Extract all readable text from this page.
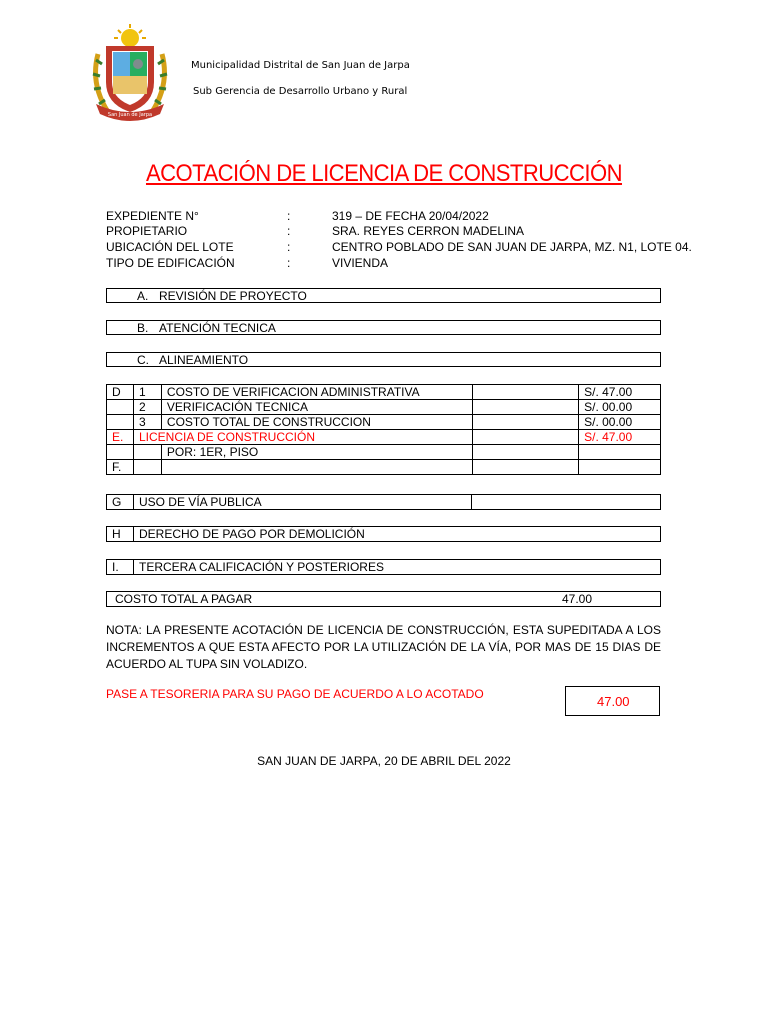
San Juan de Jarpa
Municipalidad Distrital de San Juan de Jarpa
Sub Gerencia de Desarrollo Urbano y Rural
ACOTACIÓN DE LICENCIA DE CONSTRUCCIÓN
EXPEDIENTE N°	:	319 – DE FECHA 20/04/2022
PROPIETARIO	:	SRA. REYES CERRON MADELINA
UBICACIÓN DEL LOTE	:	CENTRO POBLADO DE SAN JUAN DE JARPA, MZ. N1, LOTE 04.
TIPO DE EDIFICACIÓN	:	VIVIENDA
A. REVISIÓN DE PROYECTO
B. ATENCIÓN TECNICA
C. ALINEAMIENTO
D	1	COSTO DE VERIFICACION ADMINISTRATIVA		S/. 47.00
	2	VERIFICACIÓN TECNICA		S/. 00.00
	3	COSTO TOTAL DE CONSTRUCCION		S/. 00.00
E.	LICENCIA DE CONSTRUCCIÓN			S/. 47.00
		POR: 1ER, PISO		
F.				
G	USO DE VÍA PUBLICA	
H	DERECHO DE PAGO POR DEMOLICIÓN
I.	TERCERA CALIFICACIÓN Y POSTERIORES
COSTO TOTAL A PAGAR	47.00
NOTA: LA PRESENTE ACOTACIÓN DE LICENCIA DE CONSTRUCCIÓN, ESTA SUPEDITADA A LOS INCREMENTOS A QUE ESTA AFECTO POR LA UTILIZACIÓN DE LA VÍA, POR MAS DE 15 DIAS DE ACUERDO AL TUPA SIN VOLADIZO.
PASE A TESORERIA PARA SU PAGO DE ACUERDO A LO ACOTADO	47.00
SAN JUAN DE JARPA, 20 DE ABRIL DEL 2022
